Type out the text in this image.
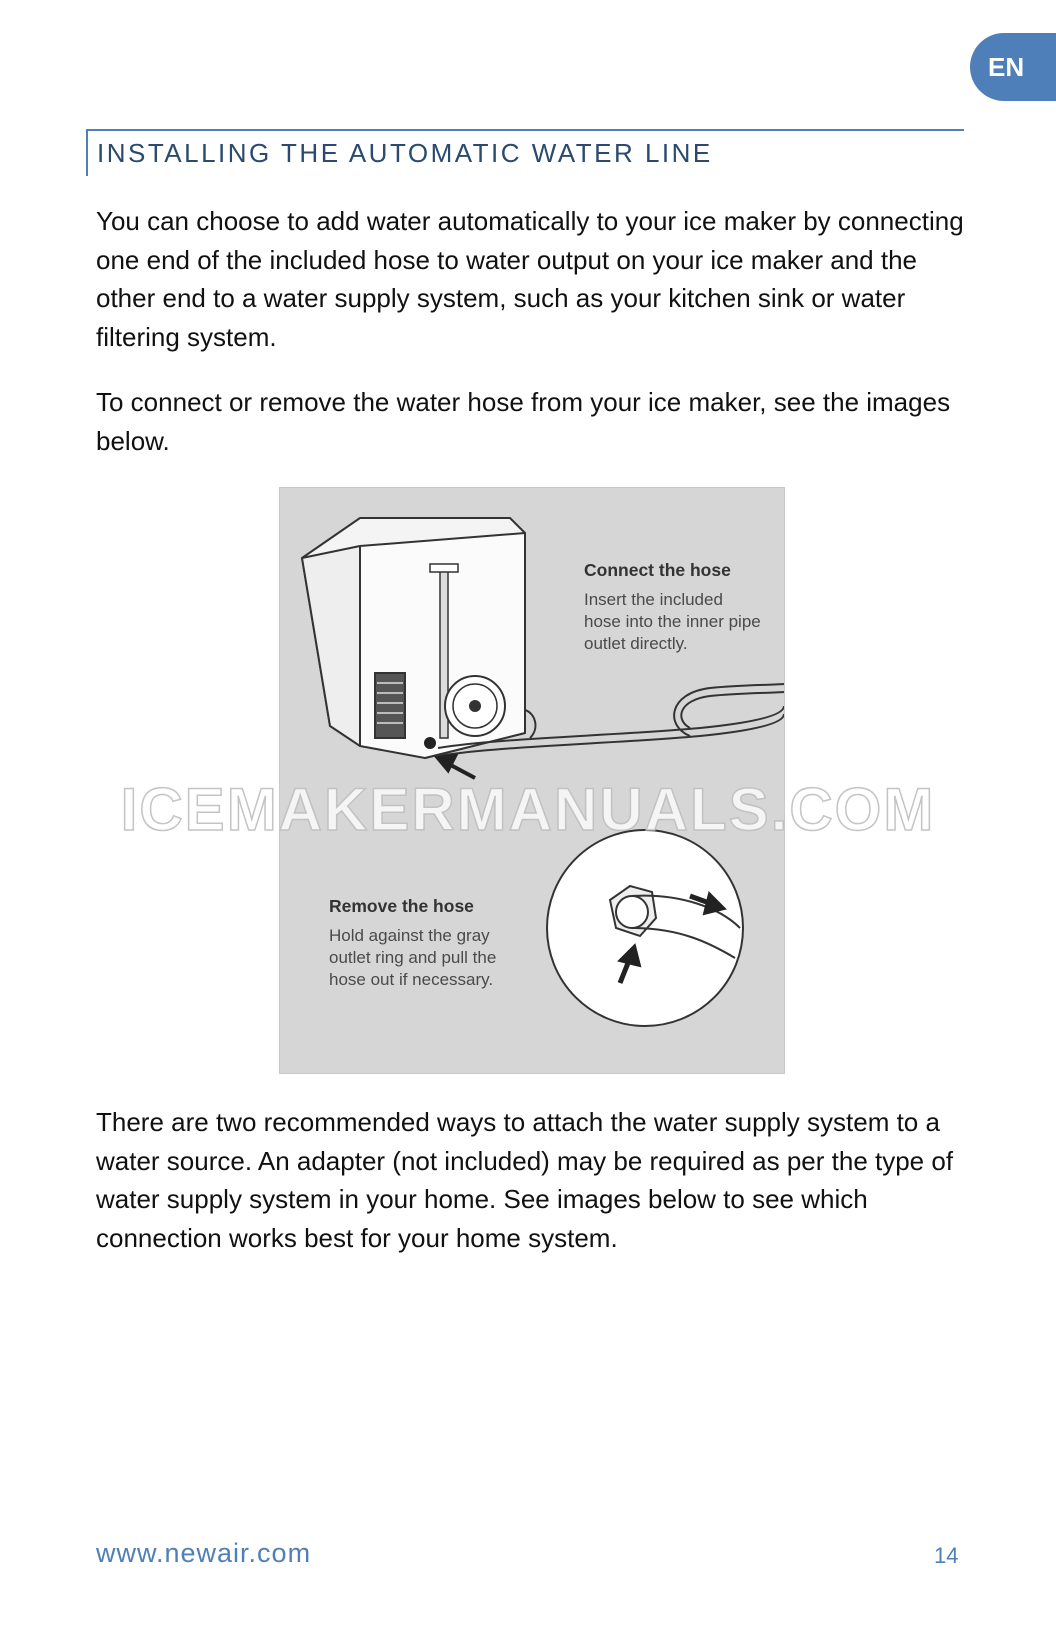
EN
INSTALLING THE AUTOMATIC WATER LINE

You can choose to add water automatically to your ice maker by connecting one end of the included hose to water output on your ice maker and the other end to a water supply system, such as your kitchen sink or water filtering system.

To connect or remove the water hose from your ice maker, see the images below.

Connect the hose

Insert the included hose into the inner pipe outlet directly.

Remove the hose

Hold against the gray outlet ring and pull the hose out if necessary.

ICEMAKERMANUALS.COM

There are two recommended ways to attach the water supply system to a water source. An adapter (not included) may be required as per the type of water supply system in your home. See images below to see which connection works best for your home system.

www.newair.com	14
